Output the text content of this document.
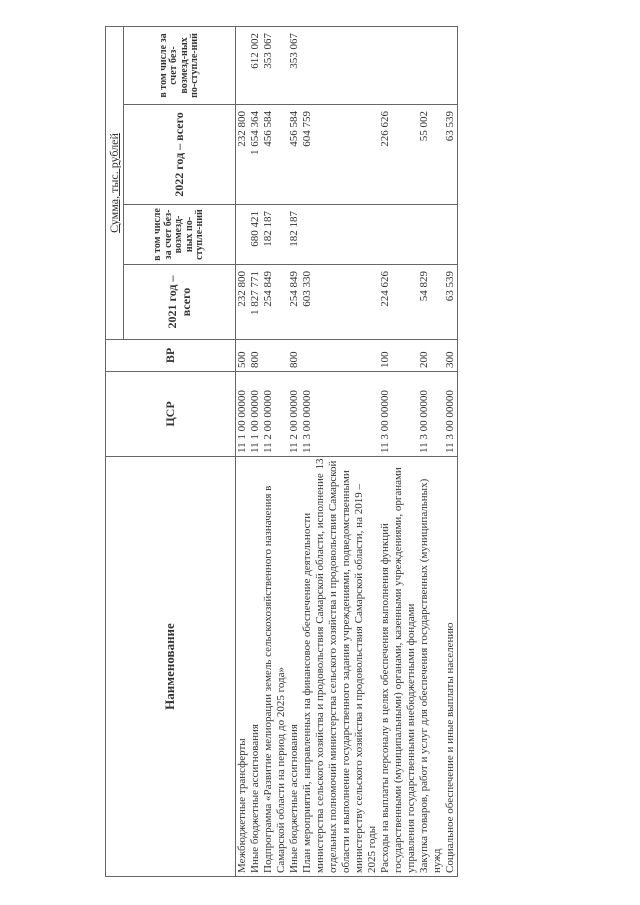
13
Наименование	ЦСР	ВР	Сумма, тыс. рублей			
			2021 год – всего	в том числе за счет без-возмезд-ных по-ступле-ний	2022 год – всего	в том числе за счет без-возмезд-ных по-ступле-ний
Межбюджетные трансферты	11 1 00 00000	500	232 800		232 800	
Иные бюджетные ассигнования	11 1 00 00000	800	1 827 771	680 421	1 654 364	612 002
Подпрограмма «Развитие мелиорации земель сельскохозяйственного назначения в Самарской области на период до 2025 года»	11 2 00 00000		254 849	182 187	456 584	353 067
Иные бюджетные ассигнования	11 2 00 00000	800	254 849	182 187	456 584	353 067
План мероприятий, направленных на финансовое обеспечение деятельности министерства сельского хозяйства и продовольствия Самарской области, исполнение отдельных полномочий министерства сельского хозяйства и продовольствия Самарской области и выполнение государственного задания учреждениями, подведомственными министерству сельского хозяйства и продовольствия Самарской области, на 2019 – 2025 годы	11 3 00 00000		603 330		604 759	
Расходы на выплаты персоналу в целях обеспечения выполнения функций государственными (муниципальными) органами, казенными учреждениями, органами управления государственными внебюджетными фондами	11 3 00 00000	100	224 626		226 626	
Закупка товаров, работ и услуг для обеспечения государственных (муниципальных) нужд	11 3 00 00000	200	54 829		55 002	
Социальное обеспечение и иные выплаты населению	11 3 00 00000	300	63 539		63 539	
